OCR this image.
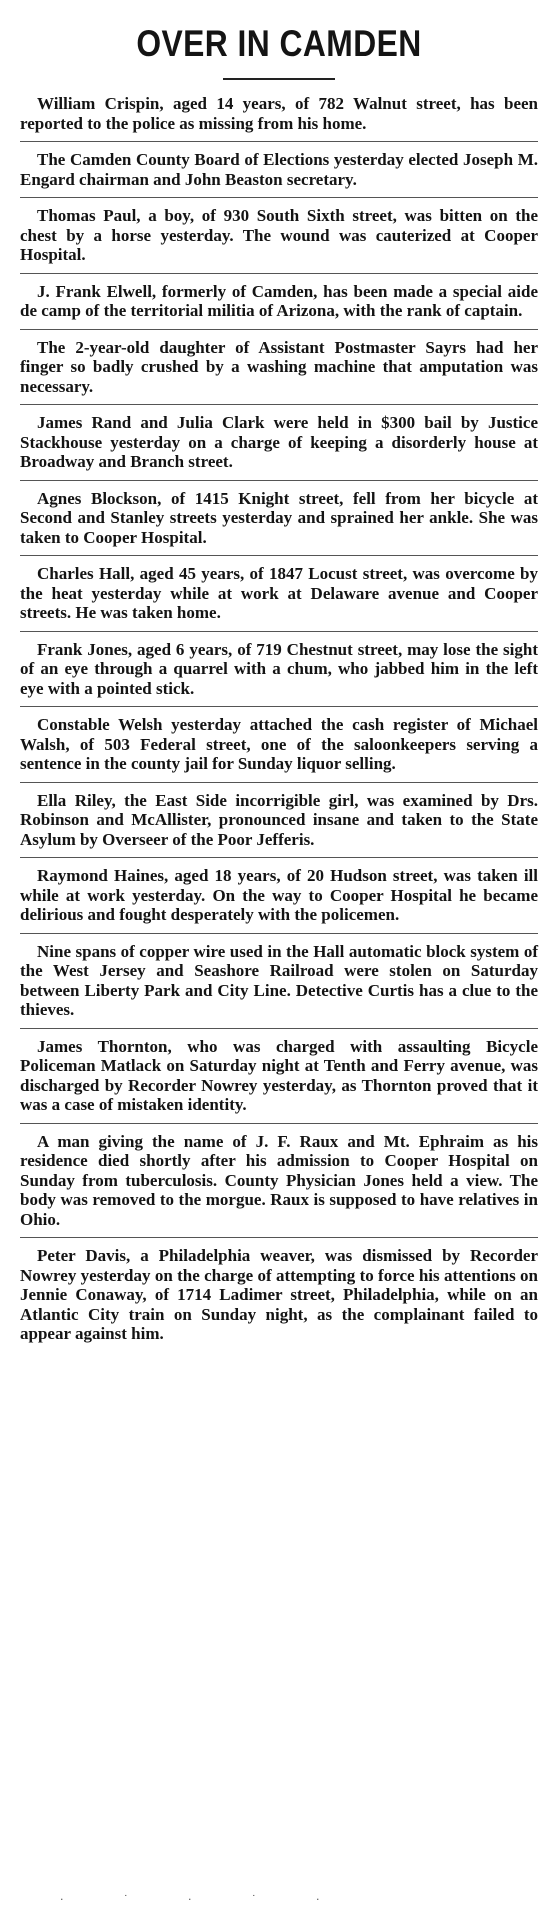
OVER IN CAMDEN

William Crispin, aged 14 years, of 782 Walnut street, has been reported to the police as missing from his home.

The Camden County Board of Elections yesterday elected Joseph M. Engard chairman and John Beaston secretary.

Thomas Paul, a boy, of 930 South Sixth street, was bitten on the chest by a horse yesterday. The wound was cauterized at Cooper Hospital.

J. Frank Elwell, formerly of Camden, has been made a special aide de camp of the territorial militia of Arizona, with the rank of captain.

The 2-year-old daughter of Assistant Postmaster Sayrs had her finger so badly crushed by a washing machine that amputation was necessary.

James Rand and Julia Clark were held in $300 bail by Justice Stackhouse yesterday on a charge of keeping a disorderly house at Broadway and Branch street.

Agnes Blockson, of 1415 Knight street, fell from her bicycle at Second and Stanley streets yesterday and sprained her ankle. She was taken to Cooper Hospital.

Charles Hall, aged 45 years, of 1847 Locust street, was overcome by the heat yesterday while at work at Delaware avenue and Cooper streets. He was taken home.

Frank Jones, aged 6 years, of 719 Chestnut street, may lose the sight of an eye through a quarrel with a chum, who jabbed him in the left eye with a pointed stick.

Constable Welsh yesterday attached the cash register of Michael Walsh, of 503 Federal street, one of the saloonkeepers serving a sentence in the county jail for Sunday liquor selling.

Ella Riley, the East Side incorrigible girl, was examined by Drs. Robinson and McAllister, pronounced insane and taken to the State Asylum by Overseer of the Poor Jefferis.

Raymond Haines, aged 18 years, of 20 Hudson street, was taken ill while at work yesterday. On the way to Cooper Hospital he became delirious and fought desperately with the policemen.

Nine spans of copper wire used in the Hall automatic block system of the West Jersey and Seashore Railroad were stolen on Saturday between Liberty Park and City Line. Detective Curtis has a clue to the thieves.

James Thornton, who was charged with assaulting Bicycle Policeman Matlack on Saturday night at Tenth and Ferry avenue, was discharged by Recorder Nowrey yesterday, as Thornton proved that it was a case of mistaken identity.

A man giving the name of J. F. Raux and Mt. Ephraim as his residence died shortly after his admission to Cooper Hospital on Sunday from tuberculosis. County Physician Jones held a view. The body was removed to the morgue. Raux is supposed to have relatives in Ohio.

Peter Davis, a Philadelphia weaver, was dismissed by Recorder Nowrey yesterday on the charge of attempting to force his attentions on Jennie Conaway, of 1714 Ladimer street, Philadelphia, while on an Atlantic City train on Sunday night, as the complainant failed to appear against him.

· ˙ · ˙ ·
